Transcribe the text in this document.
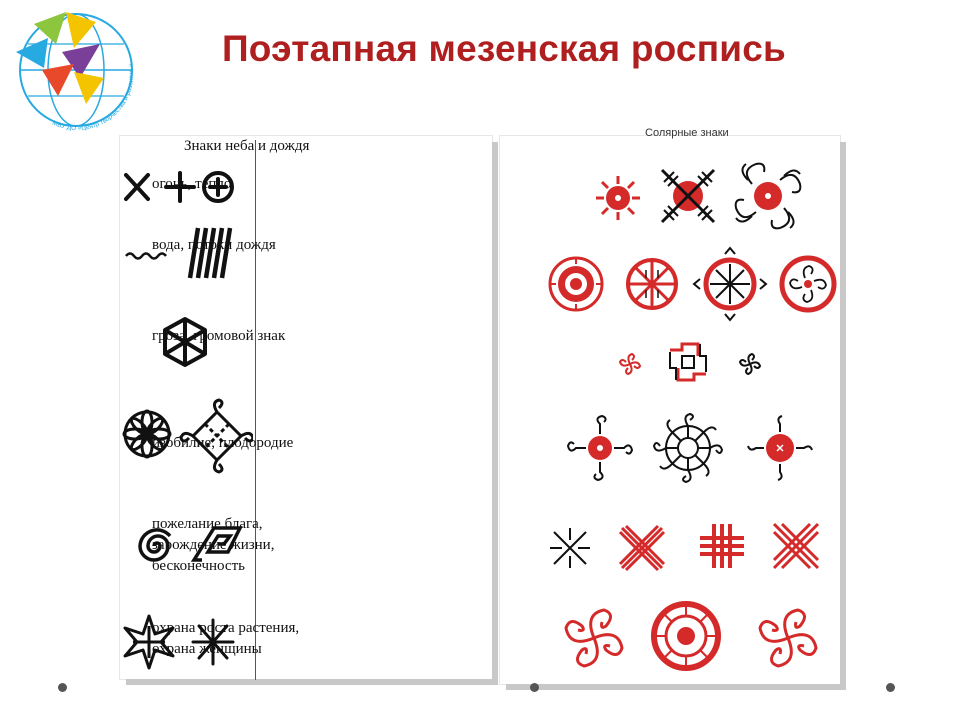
МБУ ДО «Центр творчества и развития « Поэтапная мезенская роспись
Знаки нeба и дождя
огонь, тепло
вода, потоки дождя
гроза, громовой знак
изобилие, плодородие
пожелание блага,
зарождение жизни,
бесконечность
охрана роста растения,
охрана женщины
Солярные знаки
